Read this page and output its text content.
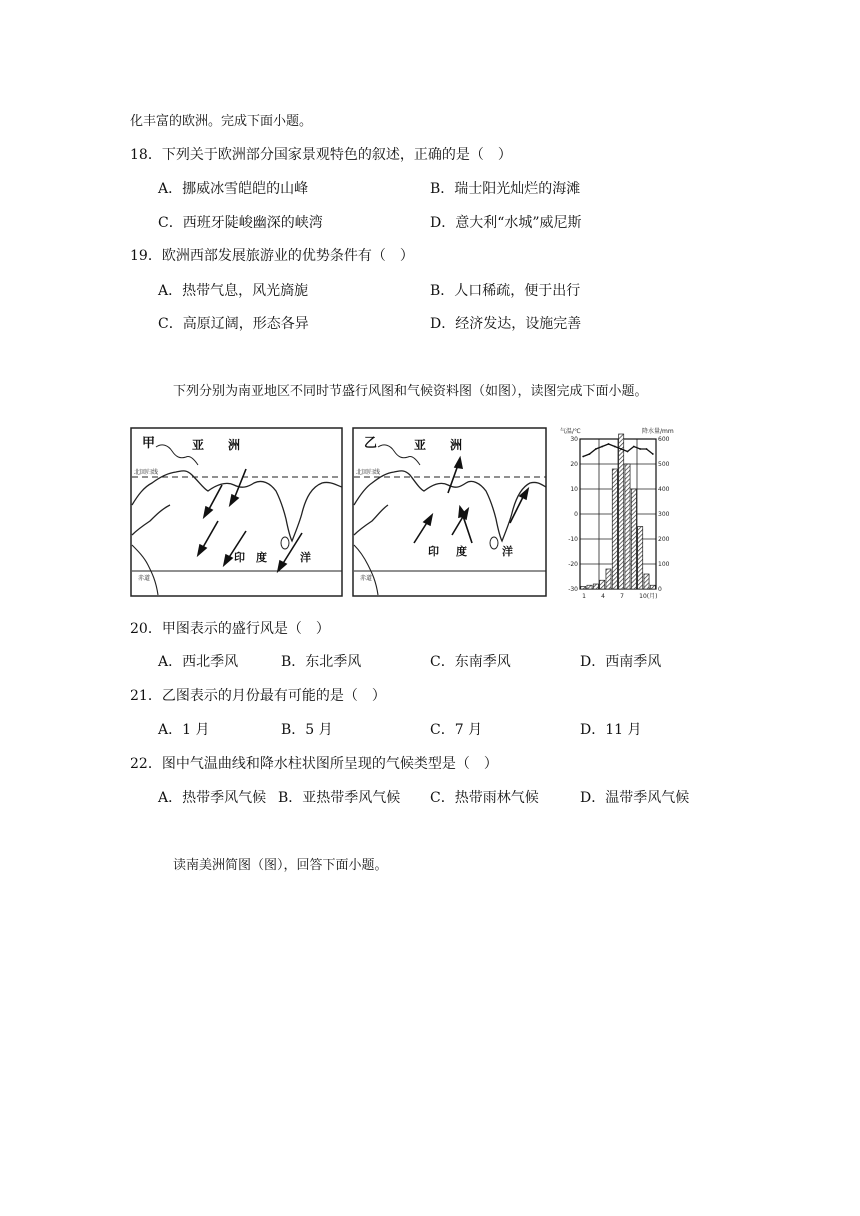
化丰富的欧洲。完成下面小题。
18．下列关于欧洲部分国家景观特色的叙述，正确的是（　）
A．挪威冰雪皑皑的山峰	B．瑞士阳光灿烂的海滩
C．西班牙陡峻幽深的峡湾	D．意大利“水城”威尼斯
19．欧洲西部发展旅游业的优势条件有（　）
A．热带气息，风光旖旎	B．人口稀疏，便于出行
C．高原辽阔，形态各异	D．经济发达，设施完善
下列分别为南亚地区不同时节盛行风图和气候资料图（如图），读图完成下面小题。
北回归线
赤道
甲	亚　　洲
印 度	洋
北回归线
赤道
乙	亚　　洲
印 度	洋
气温/℃	降水量/mm
30
20
10
0
-10
-20
-30
600
500
400
300
200
100
0
1	4	7	10(月)
20．甲图表示的盛行风是（　）
A．西北季风	B．东北季风	C．东南季风	D．西南季风
21．乙图表示的月份最有可能的是（　）
A．1 月	B．5 月	C．7 月	D．11 月
22．图中气温曲线和降水柱状图所呈现的气候类型是（　）
A．热带季风气候 B．亚热带季风气候 C．热带雨林气候	D．温带季风气候
读南美洲简图（图），回答下面小题。
